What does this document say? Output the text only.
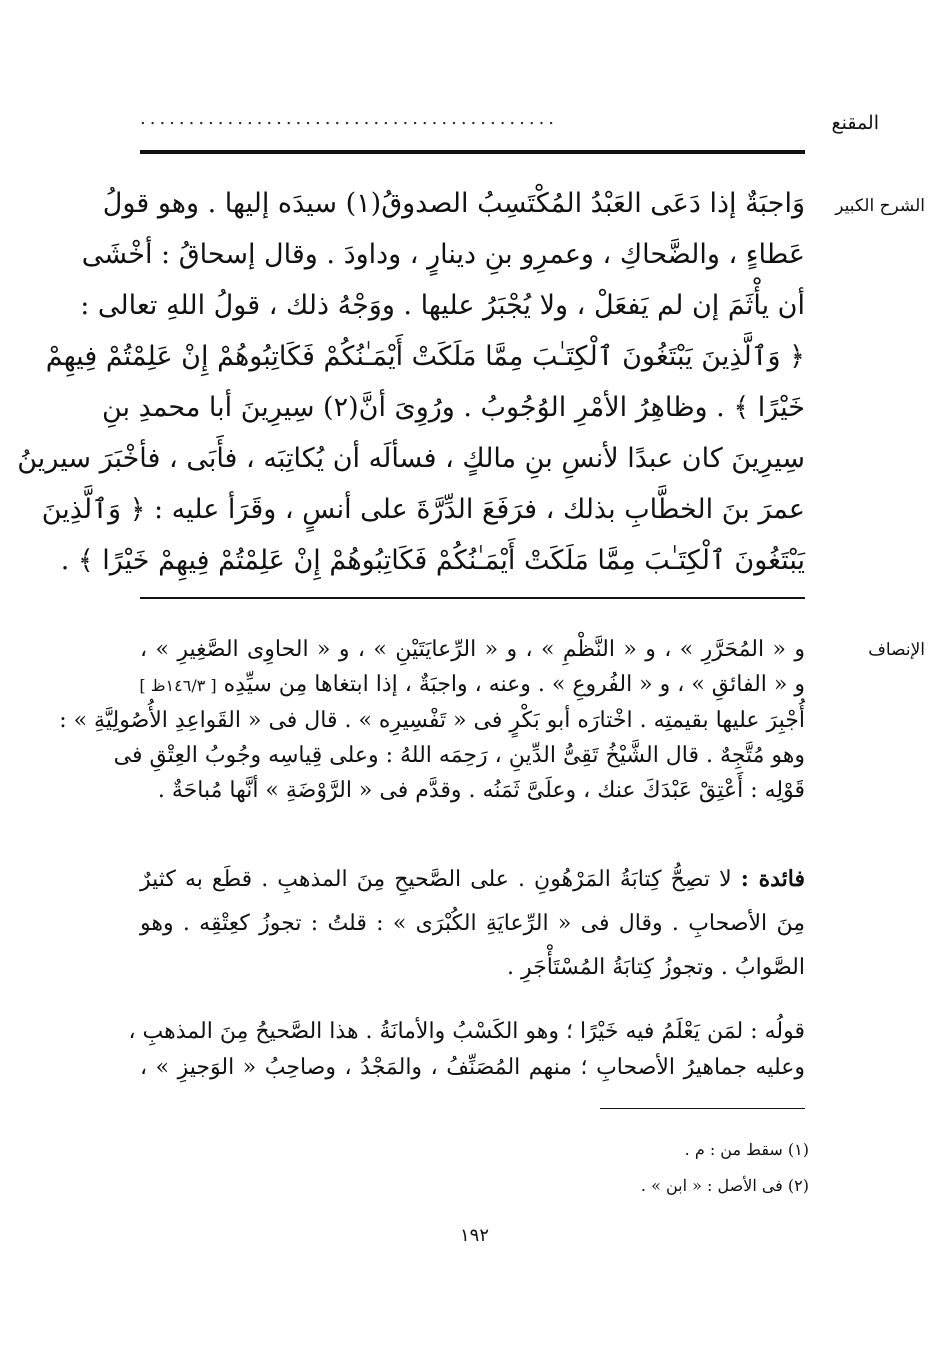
المقنع
...........................................
الشرح الكبير
وَاجبَةٌ إذا دَعَى العَبْدُ المُكْتَسِبُ الصدوقُ(١) سيدَه إليها . وهو قولُ
عَطاءٍ ، والضَّحاكِ ، وعمرِو بنِ دينارٍ ، وداودَ . وقال إسحاقُ : أخْشَى
أن يأْثَمَ إن لم يَفعَلْ ، ولا يُجْبَرُ عليها . ووَجْهُ ذلك ، قولُ اللهِ تعالى :
﴿ وَٱلَّذِينَ يَبْتَغُونَ ٱلْكِتَـٰبَ مِمَّا مَلَكَتْ أَيْمَـٰنُكُمْ فَكَاتِبُوهُمْ إِنْ عَلِمْتُمْ فِيهِمْ
خَيْرًا ﴾ . وظاهِرُ الأمْرِ الوُجُوبُ . ورُوِىَ أنَّ(٢) سِيرِينَ أبا محمدِ بنِ
سِيرِينَ كان عبدًا لأنسِ بنِ مالكٍ ، فسألَه أن يُكاتِبَه ، فأَبَى ، فأخْبَرَ سيرينُ
عمرَ بنَ الخطَّابِ بذلك ، فرَفَعَ الدِّرَّةَ على أنسٍ ، وقَرَأ عليه : ﴿ وَٱلَّذِينَ
يَبْتَغُونَ ٱلْكِتَـٰبَ مِمَّا مَلَكَتْ أَيْمَـٰنُكُمْ فَكَاتِبُوهُمْ إِنْ عَلِمْتُمْ فِيهِمْ خَيْرًا ﴾ .
الإنصاف
و « المُحَرَّرِ » ، و « النَّظْمِ » ، و « الرِّعايَتَيْنِ » ، و « الحاوِى الصَّغِيرِ » ،
و « الفائقِ » ، و « الفُروعِ » . وعنه ، واجبَةٌ ، إذا ابتغاها مِن سيِّدِه [ ١٤٦/٣ظ ]
أُجْبِرَ عليها بقيمتِه . اخْتارَه أبو بَكْرٍ فى « تَفْسِيرِه » . قال فى « القَواعِدِ الأُصُولِيَّةِ » :
وهو مُتَّجِهٌ . قال الشَّيْخُ تَقِىُّ الدِّينِ ، رَحِمَه اللهُ : وعلى قِياسِه وجُوبُ العِتْقِ فى
قَوْلِه : أَعْتِقْ عَبْدَكَ عنك ، وعلَىَّ ثَمَنُه . وقدَّم فى « الرَّوْضَةِ » أنَّها مُباحَةٌ .
فائدة : لا تصِحُّ كِتابَةُ المَرْهُونِ . على الصَّحيحِ مِنَ المذهبِ . قطَع به كثيرٌ
مِنَ الأصحابِ . وقال فى « الرِّعايَةِ الكُبْرَى » : قلتُ : تجوزُ كعِتْقِه . وهو
الصَّوابُ . وتجوزُ كِتابَةُ المُسْتَأْجَرِ .
قولُه : لمَن يَعْلَمُ فيه خَيْرًا ؛ وهو الكَسْبُ والأمانَةُ . هذا الصَّحيحُ مِنَ المذهبِ ،
وعليه جماهيرُ الأصحابِ ؛ منهم المُصَنِّفُ ، والمَجْدُ ، وصاحِبُ « الوَجيزِ » ،
(١) سقط من : م .
(٢) فى الأصل : « ابن » .
١٩٢
